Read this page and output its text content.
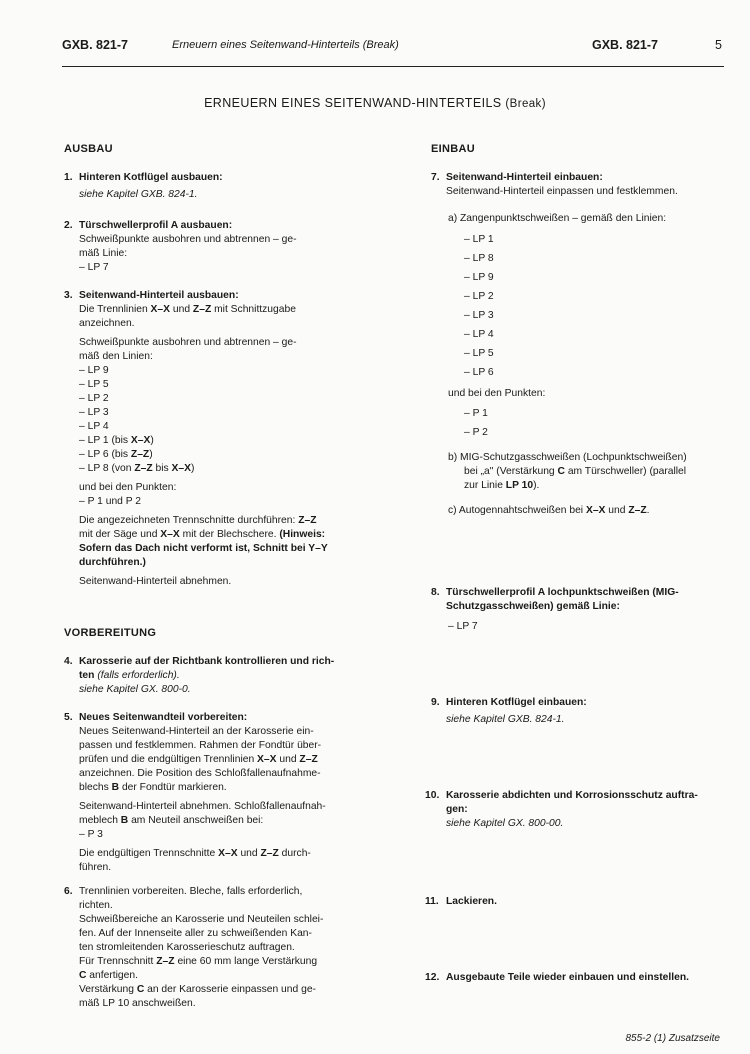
GXB. 821-7	Erneuern eines Seitenwand-Hinterteils (Break)	GXB. 821-7	5
ERNEUERN EINES SEITENWAND-HINTERTEILS (Break)
AUSBAU
1. Hinteren Kotflügel ausbauen:
siehe Kapitel GXB. 824-1.
2. Türschwellerprofil A ausbauen:
Schweißpunkte ausbohren und abtrennen – ge-
mäß Linie:
– LP 7
3. Seitenwand-Hinterteil ausbauen:
Die Trennlinien X–X und Z–Z mit Schnittzugabe
anzeichnen.
Schweißpunkte ausbohren und abtrennen – ge-
mäß den Linien:
– LP 9
– LP 5
– LP 2
– LP 3
– LP 4
– LP 1 (bis X–X)
– LP 6 (bis Z–Z)
– LP 8 (von Z–Z bis X–X)
und bei den Punkten:
– P 1 und P 2
Die angezeichneten Trennschnitte durchführen: Z–Z
mit der Säge und X–X mit der Blechschere. (Hinweis:
Sofern das Dach nicht verformt ist, Schnitt bei Y–Y
durchführen.)
Seitenwand-Hinterteil abnehmen.
VORBEREITUNG
4. Karosserie auf der Richtbank kontrollieren und rich-
ten (falls erforderlich).
siehe Kapitel GX. 800-0.
5. Neues Seitenwandteil vorbereiten:
Neues Seitenwand-Hinterteil an der Karosserie ein-
passen und festklemmen. Rahmen der Fondtür über-
prüfen und die endgültigen Trennlinien X–X und Z–Z
anzeichnen. Die Position des Schloßfallenaufnahme-
blechs B der Fondtür markieren.
Seitenwand-Hinterteil abnehmen. Schloßfallenaufnah-
meblech B am Neuteil anschweißen bei:
– P 3
Die endgültigen Trennschnitte X–X und Z–Z durch-
führen.
6. Trennlinien vorbereiten. Bleche, falls erforderlich,
richten.
Schweißbereiche an Karosserie und Neuteilen schlei-
fen. Auf der Innenseite aller zu schweißenden Kan-
ten stromleitenden Karosserieschutz auftragen.
Für Trennschnitt Z–Z eine 60 mm lange Verstärkung
C anfertigen.
Verstärkung C an der Karosserie einpassen und ge-
mäß LP 10 anschweißen.
EINBAU
7. Seitenwand-Hinterteil einbauen:
Seitenwand-Hinterteil einpassen und festklemmen.
a) Zangenpunktschweißen – gemäß den Linien:
– LP 1
– LP 8
– LP 9
– LP 2
– LP 3
– LP 4
– LP 5
– LP 6
und bei den Punkten:
– P 1
– P 2
b) MIG-Schutzgasschweißen (Lochpunktschweißen)
bei „a" (Verstärkung C am Türschweller) (parallel
zur Linie LP 10).
c) Autogennahtschweißen bei X–X und Z–Z.
8. Türschwellerprofil A lochpunktschweißen (MIG-
Schutzgasschweißen) gemäß Linie:
– LP 7
9. Hinteren Kotflügel einbauen:
siehe Kapitel GXB. 824-1.
10. Karosserie abdichten und Korrosionsschutz auftra-
gen:
siehe Kapitel GX. 800-00.
11. Lackieren.
12. Ausgebaute Teile wieder einbauen und einstellen.
855-2 (1) Zusatzseite
